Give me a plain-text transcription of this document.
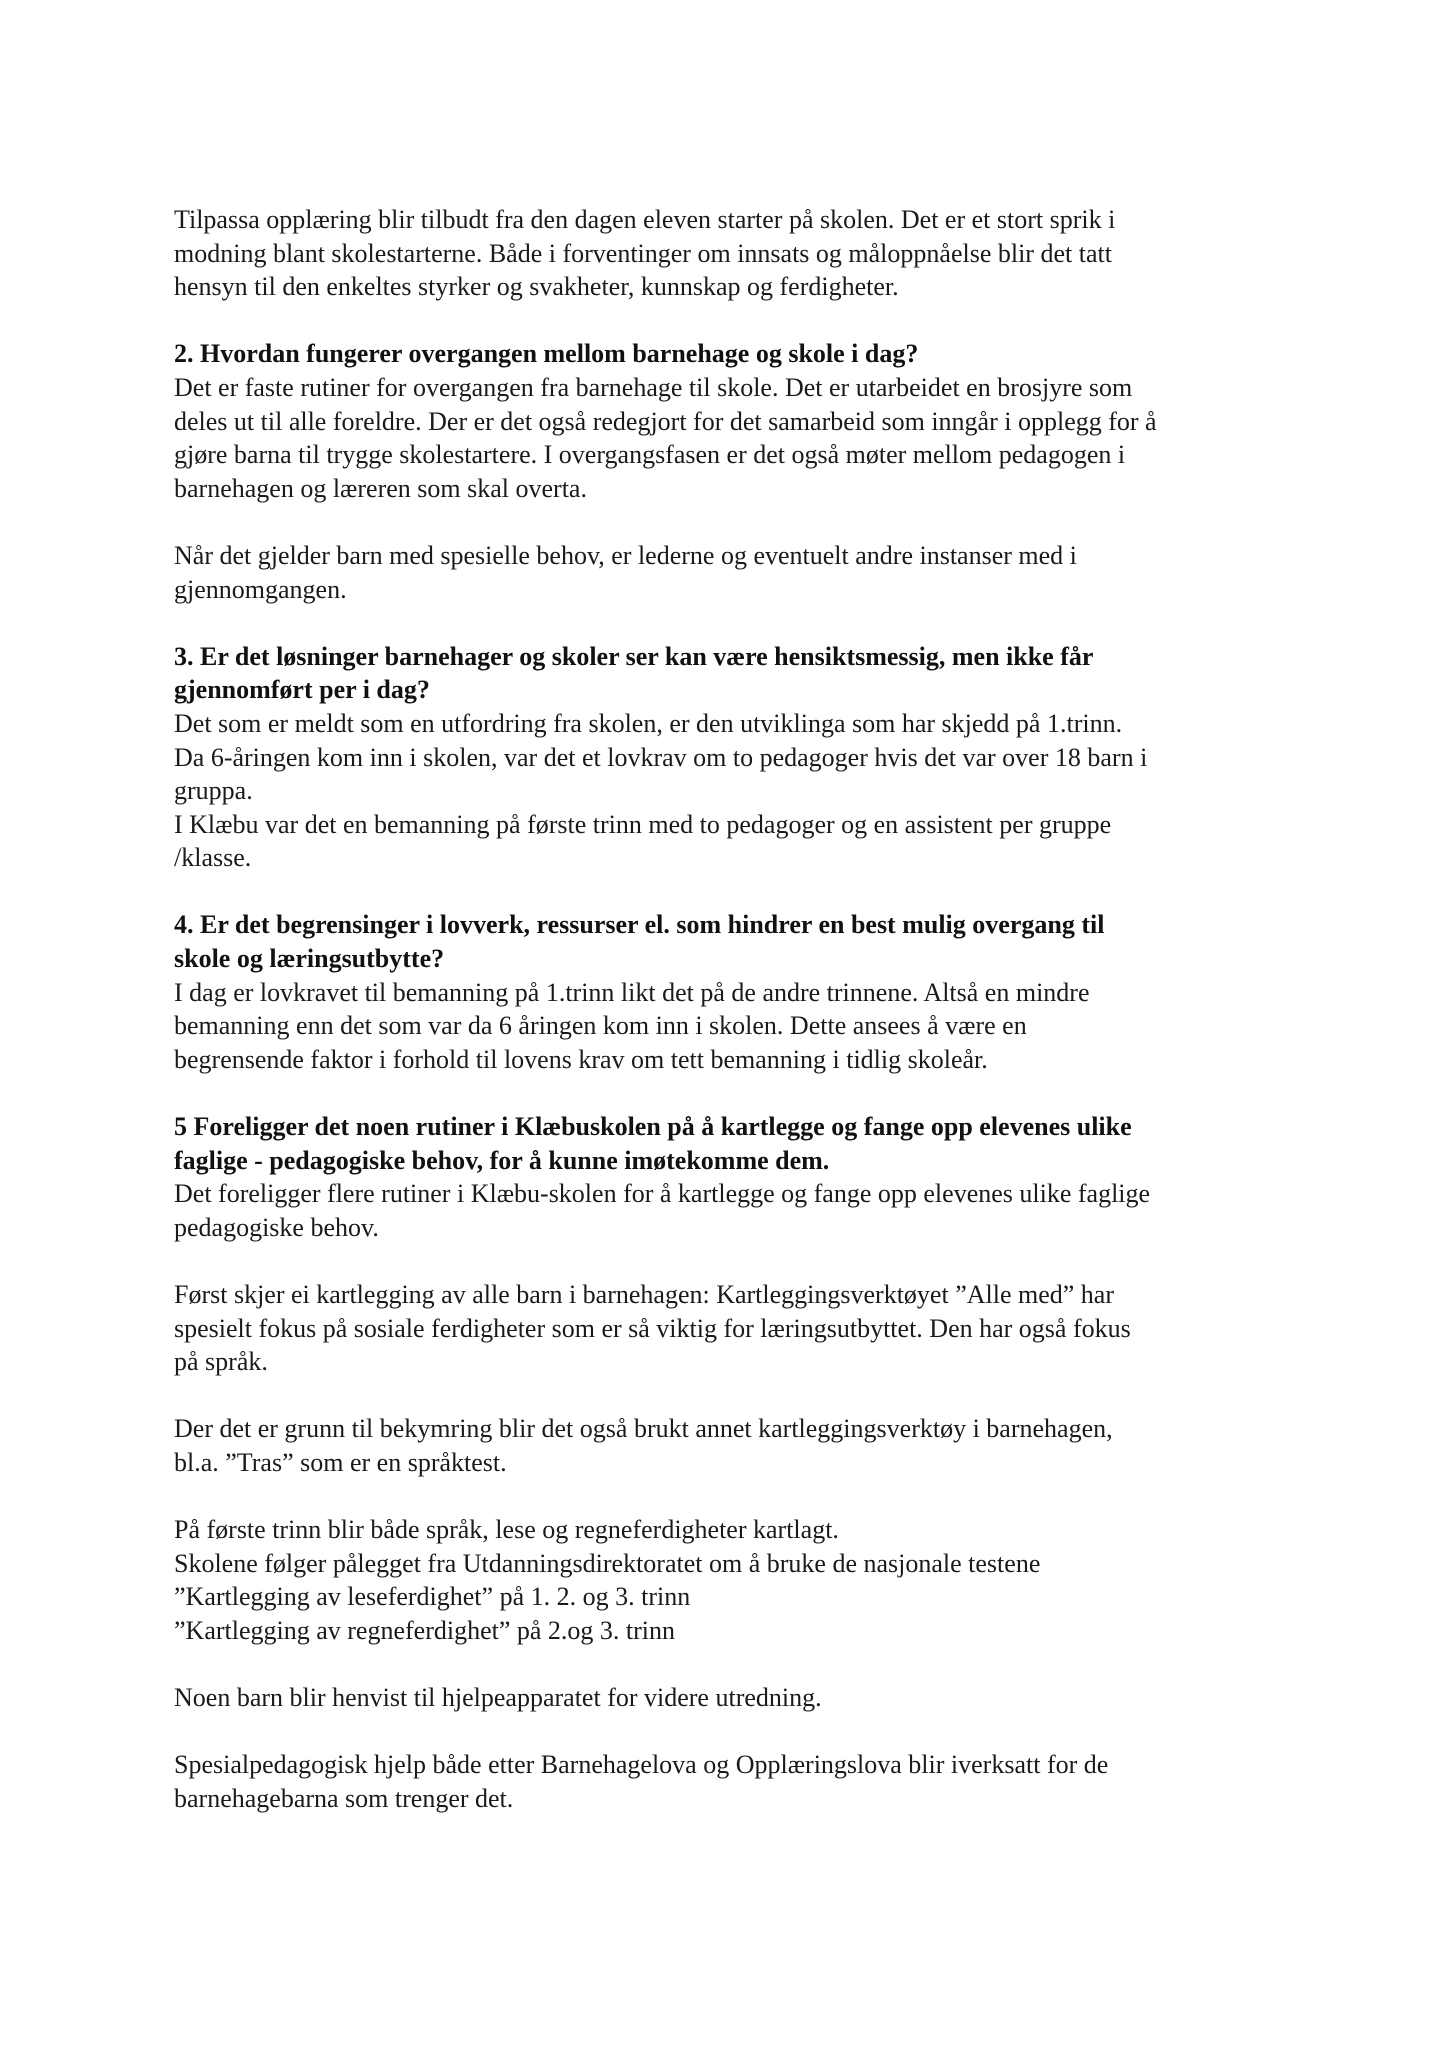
Tilpassa opplæring blir tilbudt fra den dagen eleven starter på skolen. Det er et stort sprik i
modning blant skolestarterne. Både i forventinger om innsats og måloppnåelse blir det tatt
hensyn til den enkeltes styrker og svakheter, kunnskap og ferdigheter.

2. Hvordan fungerer overgangen mellom barnehage og skole i dag?

Det er faste rutiner for overgangen fra barnehage til skole. Det er utarbeidet en brosjyre som
deles ut til alle foreldre. Der er det også redegjort for det samarbeid som inngår i opplegg for å
gjøre barna til trygge skolestartere. I overgangsfasen er det også møter mellom pedagogen i
barnehagen og læreren som skal overta.

Når det gjelder barn med spesielle behov, er lederne og eventuelt andre instanser med i
gjennomgangen.

3. Er det løsninger barnehager og skoler ser kan være hensiktsmessig, men ikke får
gjennomført per i dag?

Det som er meldt som en utfordring fra skolen, er den utviklinga som har skjedd på 1.trinn.
Da 6-åringen kom inn i skolen, var det et lovkrav om to pedagoger hvis det var over 18 barn i
gruppa.
I Klæbu var det en bemanning på første trinn med to pedagoger og en assistent per gruppe
/klasse.

4. Er det begrensinger i lovverk, ressurser el. som hindrer en best mulig overgang til
skole og læringsutbytte?

I dag er lovkravet til bemanning på 1.trinn likt det på de andre trinnene. Altså en mindre
bemanning enn det som var da 6 åringen kom inn i skolen. Dette ansees å være en
begrensende faktor i forhold til lovens krav om tett bemanning i tidlig skoleår.

5 Foreligger det noen rutiner i Klæbuskolen på å kartlegge og fange opp elevenes ulike
faglige - pedagogiske behov, for å kunne imøtekomme dem.

Det foreligger flere rutiner i Klæbu-skolen for å kartlegge og fange opp elevenes ulike faglige
pedagogiske behov.

Først skjer ei kartlegging av alle barn i barnehagen: Kartleggingsverktøyet ”Alle med” har
spesielt fokus på sosiale ferdigheter som er så viktig for læringsutbyttet. Den har også fokus
på språk.

Der det er grunn til bekymring blir det også brukt annet kartleggingsverktøy i barnehagen,
bl.a. ”Tras” som er en språktest.

På første trinn blir både språk, lese og regneferdigheter kartlagt.
Skolene følger pålegget fra Utdanningsdirektoratet om å bruke de nasjonale testene
”Kartlegging av leseferdighet” på 1. 2. og 3. trinn
”Kartlegging av regneferdighet” på 2.og 3. trinn

Noen barn blir henvist til hjelpeapparatet for videre utredning.

Spesialpedagogisk hjelp både etter Barnehagelova og Opplæringslova blir iverksatt for de
barnehagebarna som trenger det.
